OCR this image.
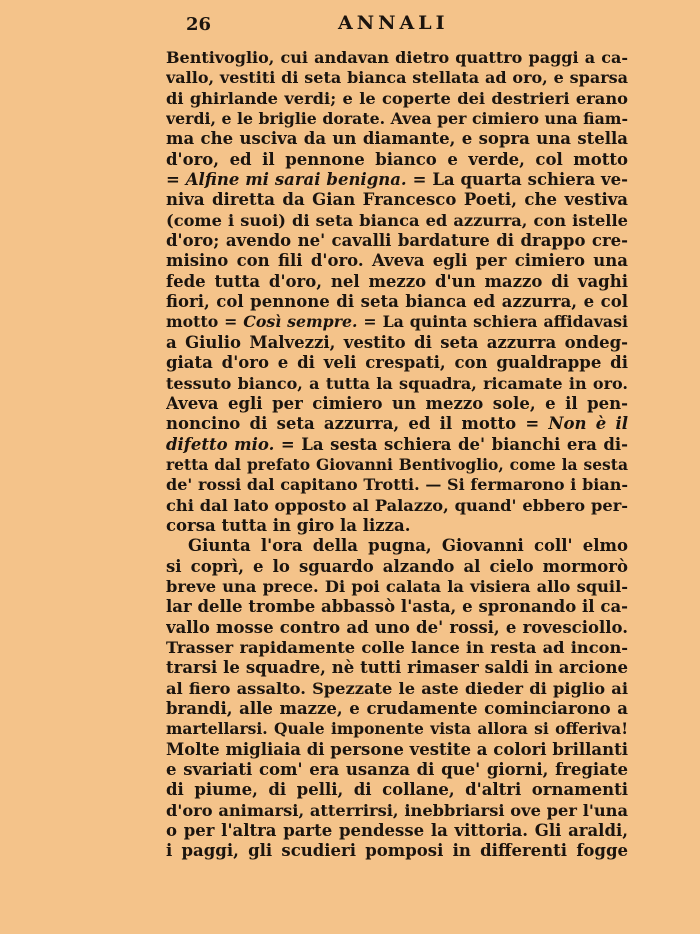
26	ANNALI
Bentivoglio, cui andavan dietro quattro paggi a ca-
vallo, vestiti di seta bianca stellata ad oro, e sparsa
di ghirlande verdi; e le coperte dei destrieri erano
verdi, e le briglie dorate. Avea per cimiero una fiam-
ma che usciva da un diamante, e sopra una stella
d'oro, ed il pennone bianco e verde, col motto
= Alfine mi sarai benigna. = La quarta schiera ve-
niva diretta da Gian Francesco Poeti, che vestiva
(come i suoi) di seta bianca ed azzurra, con istelle
d'oro; avendo ne' cavalli bardature di drappo cre-
misino con fili d'oro. Aveva egli per cimiero una
fede tutta d'oro, nel mezzo d'un mazzo di vaghi
fiori, col pennone di seta bianca ed azzurra, e col
motto = Così sempre. = La quinta schiera affidavasi
a Giulio Malvezzi, vestito di seta azzurra ondeg-
giata d'oro e di veli crespati, con gualdrappe di
tessuto bianco, a tutta la squadra, ricamate in oro.
Aveva egli per cimiero un mezzo sole, e il pen-
noncino di seta azzurra, ed il motto = Non è il
difetto mio. = La sesta schiera de' bianchi era di-
retta dal prefato Giovanni Bentivoglio, come la sesta
de' rossi dal capitano Trotti. — Si fermarono i bian-
chi dal lato opposto al Palazzo, quand' ebbero per-
corsa tutta in giro la lizza.
Giunta l'ora della pugna, Giovanni coll' elmo
si coprì, e lo sguardo alzando al cielo mormorò
breve una prece. Di poi calata la visiera allo squil-
lar delle trombe abbassò l'asta, e spronando il ca-
vallo mosse contro ad uno de' rossi, e rovesciollo.
Trasser rapidamente colle lance in resta ad incon-
trarsi le squadre, nè tutti rimaser saldi in arcione
al fiero assalto. Spezzate le aste dieder di piglio ai
brandi, alle mazze, e crudamente cominciarono a
martellarsi. Quale imponente vista allora si offeriva!
Molte migliaia di persone vestite a colori brillanti
e svariati com' era usanza di que' giorni, fregiate
di piume, di pelli, di collane, d'altri ornamenti
d'oro animarsi, atterrirsi, inebbriarsi ove per l'una
o per l'altra parte pendesse la vittoria. Gli araldi,
i paggi, gli scudieri pomposi in differenti fogge
